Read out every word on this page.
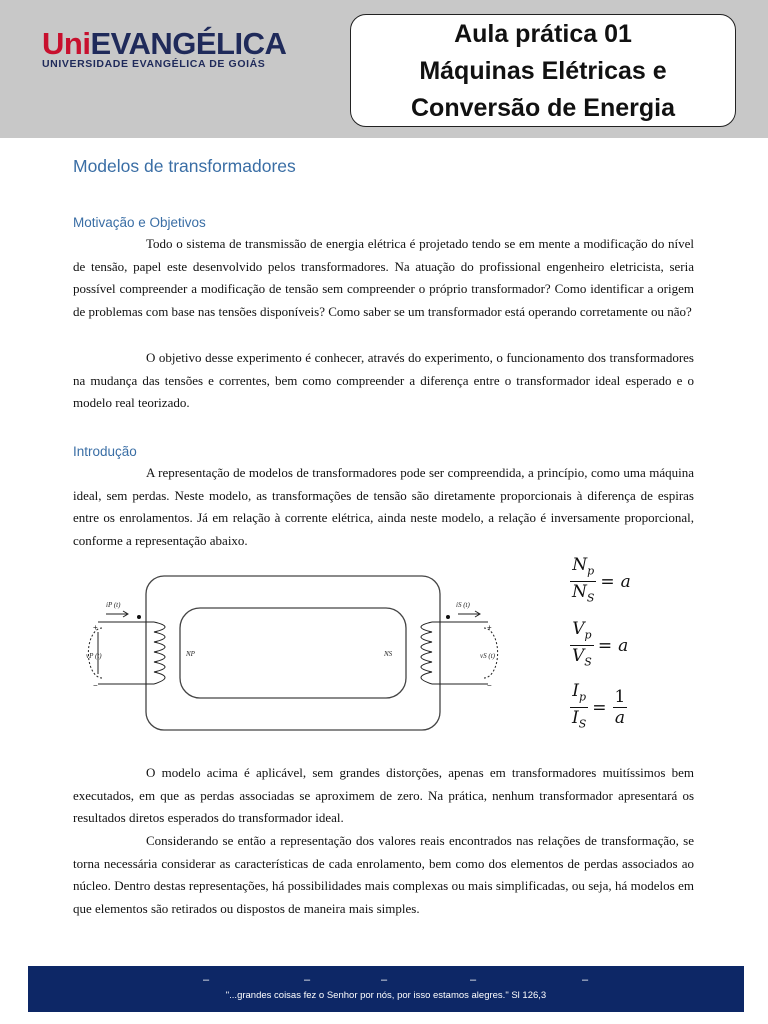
UniEVANGÉLICA
UNIVERSIDADE EVANGÉLICA DE GOIÁS
Aula prática 01
Máquinas Elétricas e
Conversão de Energia
Modelos de transformadores
Motivação e Objetivos

Todo o sistema de transmissão de energia elétrica é projetado tendo se em mente a modificação do nível de tensão, papel este desenvolvido pelos transformadores. Na atuação do profissional engenheiro eletricista, seria possível compreender a modificação de tensão sem compreender o próprio transformador? Como identificar a origem de problemas com base nas tensões disponíveis? Como saber se um transformador está operando corretamente ou não?

O objetivo desse experimento é conhecer, através do experimento, o funcionamento dos transformadores na mudança das tensões e correntes, bem como compreender a diferença entre o transformador ideal esperado e o modelo real teorizado.

Introdução

A representação de modelos de transformadores pode ser compreendida, a princípio, como uma máquina ideal, sem perdas. Neste modelo, as transformações de tensão são diretamente proporcionais à diferença de espiras entre os enrolamentos. Já em relação à corrente elétrica, ainda neste modelo, a relação é inversamente proporcional, conforme a representação abaixo.

iP (t)	iS (t)
vP (t)	vS (t)
NP	NS
+
−
+
−
$\frac{N_p}{N_S} = a$
$\frac{V_p}{V_S} = a$
$\frac{I_p}{I_S} = \frac{1}{a}$

O modelo acima é aplicável, sem grandes distorções, apenas em transformadores muitíssimos bem executados, em que as perdas associadas se aproximem de zero. Na prática, nenhum transformador apresentará os resultados diretos esperados do transformador ideal.

Considerando se então a representação dos valores reais encontrados nas relações de transformação, se torna necessária considerar as características de cada enrolamento, bem como dos elementos de perdas associados ao núcleo. Dentro destas representações, há possibilidades mais complexas ou mais simplificadas, ou seja, há modelos em que elementos são retirados ou dispostos de maneira mais simples.

–	–	–	–	–
"...grandes coisas fez o Senhor por nós, por isso estamos alegres." Sl 126,3
